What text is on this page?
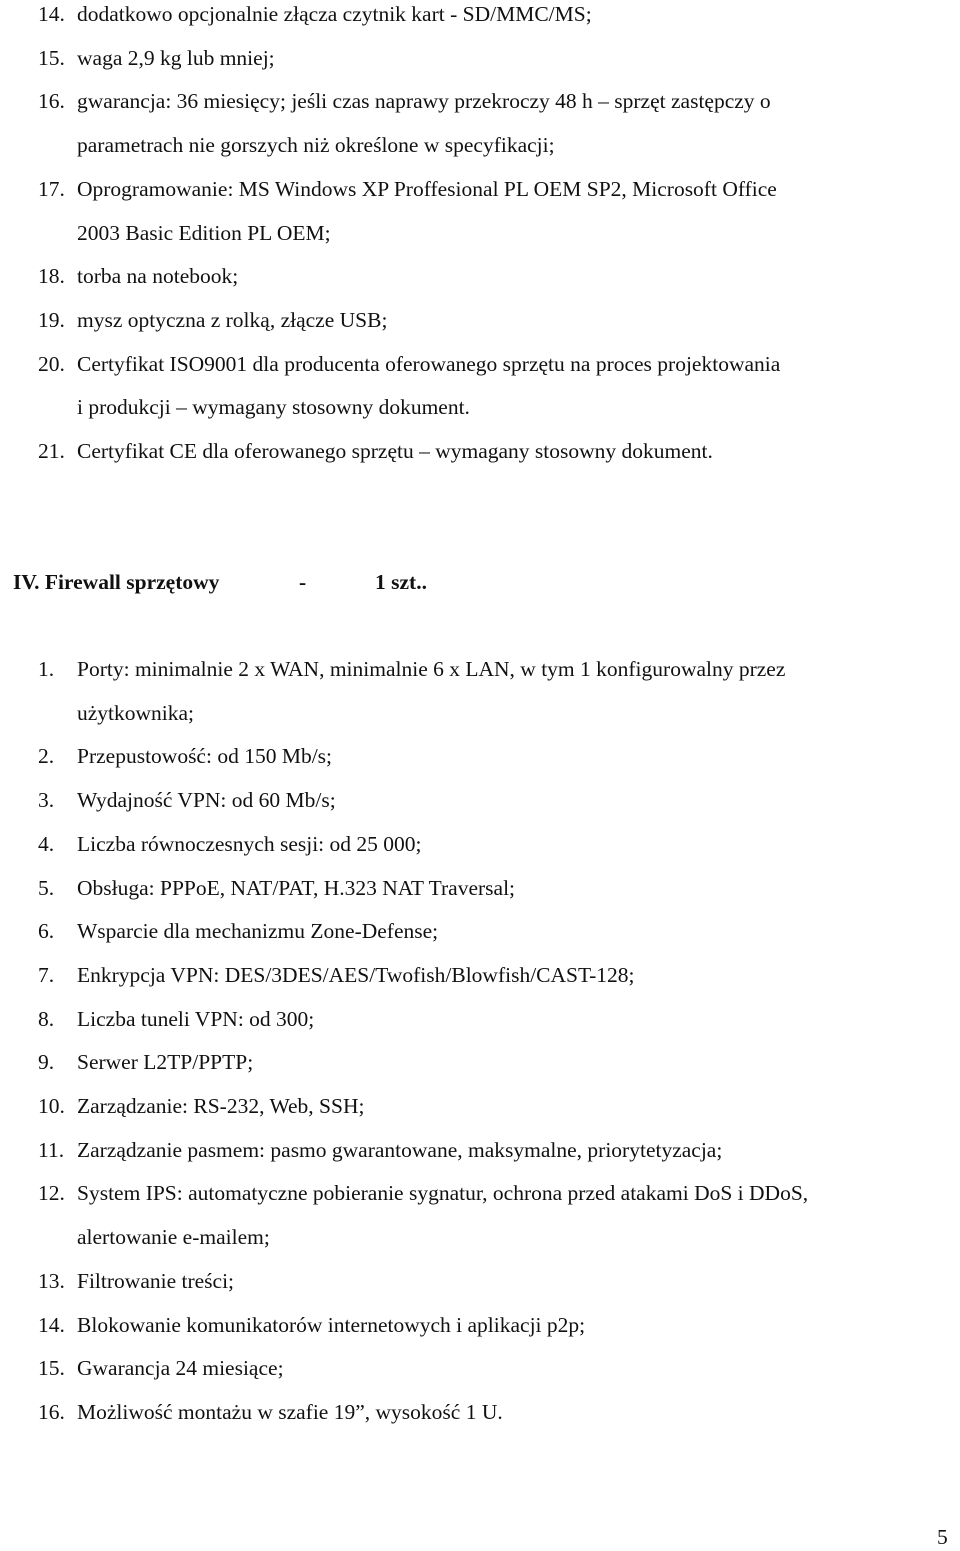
14. dodatkowo opcjonalnie złącza czytnik kart - SD/MMC/MS;
15. waga 2,9 kg lub mniej;
16. gwarancja: 36 miesięcy; jeśli czas naprawy przekroczy 48 h – sprzęt zastępczy o
parametrach nie gorszych niż określone w specyfikacji;
17. Oprogramowanie: MS Windows XP Proffesional PL OEM SP2, Microsoft Office
2003 Basic Edition PL OEM;
18. torba na notebook;
19. mysz optyczna z rolką, złącze USB;
20. Certyfikat ISO9001 dla producenta oferowanego sprzętu na proces projektowania
i produkcji – wymagany stosowny dokument.
21. Certyfikat CE dla oferowanego sprzętu – wymagany stosowny dokument.
IV. Firewall sprzętowy	-	1 szt..
1. Porty: minimalnie 2 x WAN, minimalnie 6 x LAN, w tym 1 konfigurowalny przez
użytkownika;
2. Przepustowość: od 150 Mb/s;
3. Wydajność VPN: od 60 Mb/s;
4. Liczba równoczesnych sesji: od 25 000;
5. Obsługa: PPPoE, NAT/PAT, H.323 NAT Traversal;
6. Wsparcie dla mechanizmu Zone-Defense;
7. Enkrypcja VPN: DES/3DES/AES/Twofish/Blowfish/CAST-128;
8. Liczba tuneli VPN: od 300;
9. Serwer L2TP/PPTP;
10. Zarządzanie: RS-232, Web, SSH;
11. Zarządzanie pasmem: pasmo gwarantowane, maksymalne, priorytetyzacja;
12. System IPS: automatyczne pobieranie sygnatur, ochrona przed atakami DoS i DDoS,
alertowanie e-mailem;
13. Filtrowanie treści;
14. Blokowanie komunikatorów internetowych i aplikacji p2p;
15. Gwarancja 24 miesiące;
16. Możliwość montażu w szafie 19”, wysokość 1 U.
5
